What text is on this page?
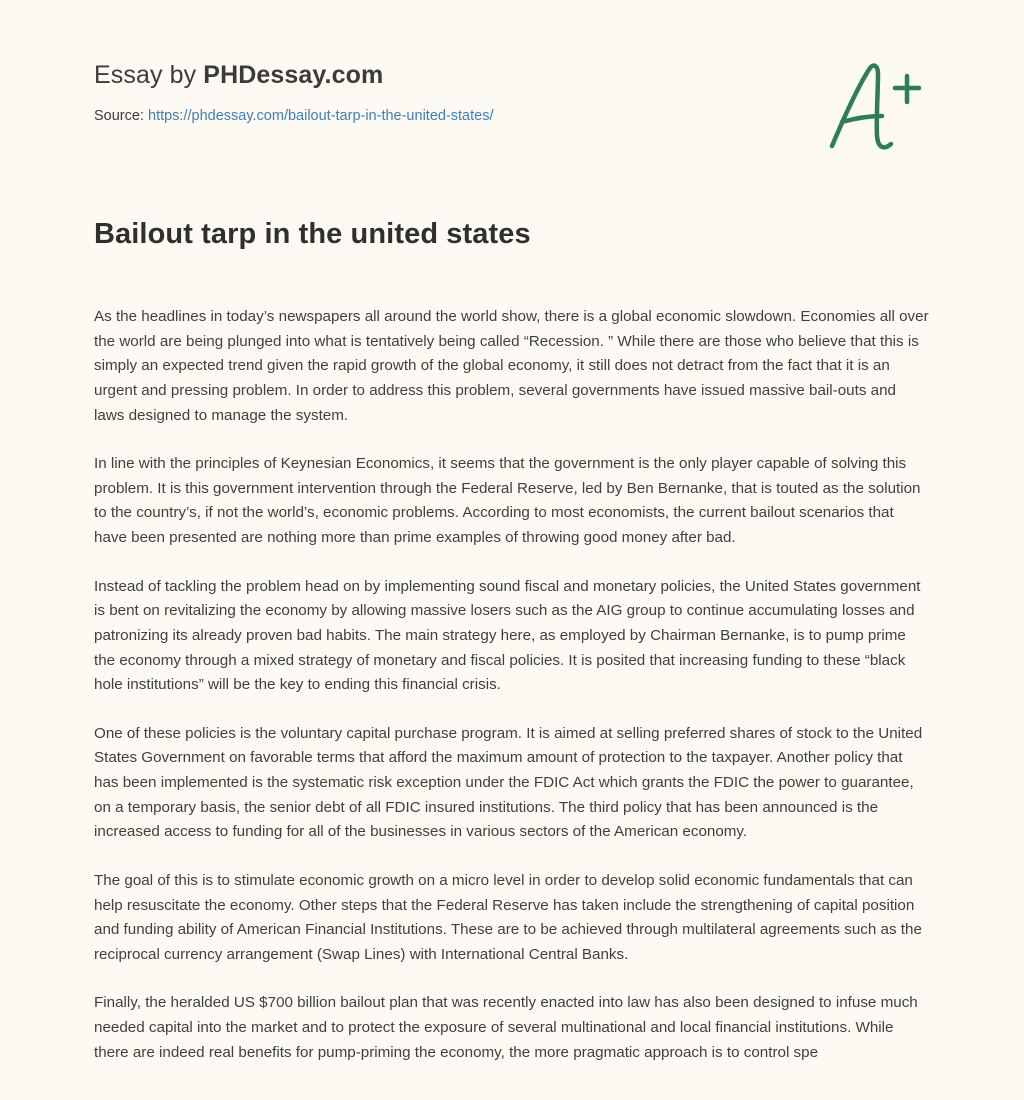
Essay by PHDessay.com
Source: https://phdessay.com/bailout-tarp-in-the-united-states/
Bailout tarp in the united states

As the headlines in today’s newspapers all around the world show, there is a global economic slowdown. Economies all over the world are being plunged into what is tentatively being called “Recession. ” While there are those who believe that this is simply an expected trend given the rapid growth of the global economy, it still does not detract from the fact that it is an urgent and pressing problem. In order to address this problem, several governments have issued massive bail-outs and laws designed to manage the system.

In line with the principles of Keynesian Economics, it seems that the government is the only player capable of solving this problem. It is this government intervention through the Federal Reserve, led by Ben Bernanke, that is touted as the solution to the country’s, if not the world’s, economic problems. According to most economists, the current bailout scenarios that have been presented are nothing more than prime examples of throwing good money after bad.

Instead of tackling the problem head on by implementing sound fiscal and monetary policies, the United States government is bent on revitalizing the economy by allowing massive losers such as the AIG group to continue accumulating losses and patronizing its already proven bad habits. The main strategy here, as employed by Chairman Bernanke, is to pump prime the economy through a mixed strategy of monetary and fiscal policies. It is posited that increasing funding to these “black hole institutions” will be the key to ending this financial crisis.

One of these policies is the voluntary capital purchase program. It is aimed at selling preferred shares of stock to the United States Government on favorable terms that afford the maximum amount of protection to the taxpayer. Another policy that has been implemented is the systematic risk exception under the FDIC Act which grants the FDIC the power to guarantee, on a temporary basis, the senior debt of all FDIC insured institutions. The third policy that has been announced is the increased access to funding for all of the businesses in various sectors of the American economy.

The goal of this is to stimulate economic growth on a micro level in order to develop solid economic fundamentals that can help resuscitate the economy. Other steps that the Federal Reserve has taken include the strengthening of capital position and funding ability of American Financial Institutions. These are to be achieved through multilateral agreements such as the reciprocal currency arrangement (Swap Lines) with International Central Banks.

Finally, the heralded US $700 billion bailout plan that was recently enacted into law has also been designed to infuse much needed capital into the market and to protect the exposure of several multinational and local financial institutions. While there are indeed real benefits for pump-priming the economy, the more pragmatic approach is to control spe
